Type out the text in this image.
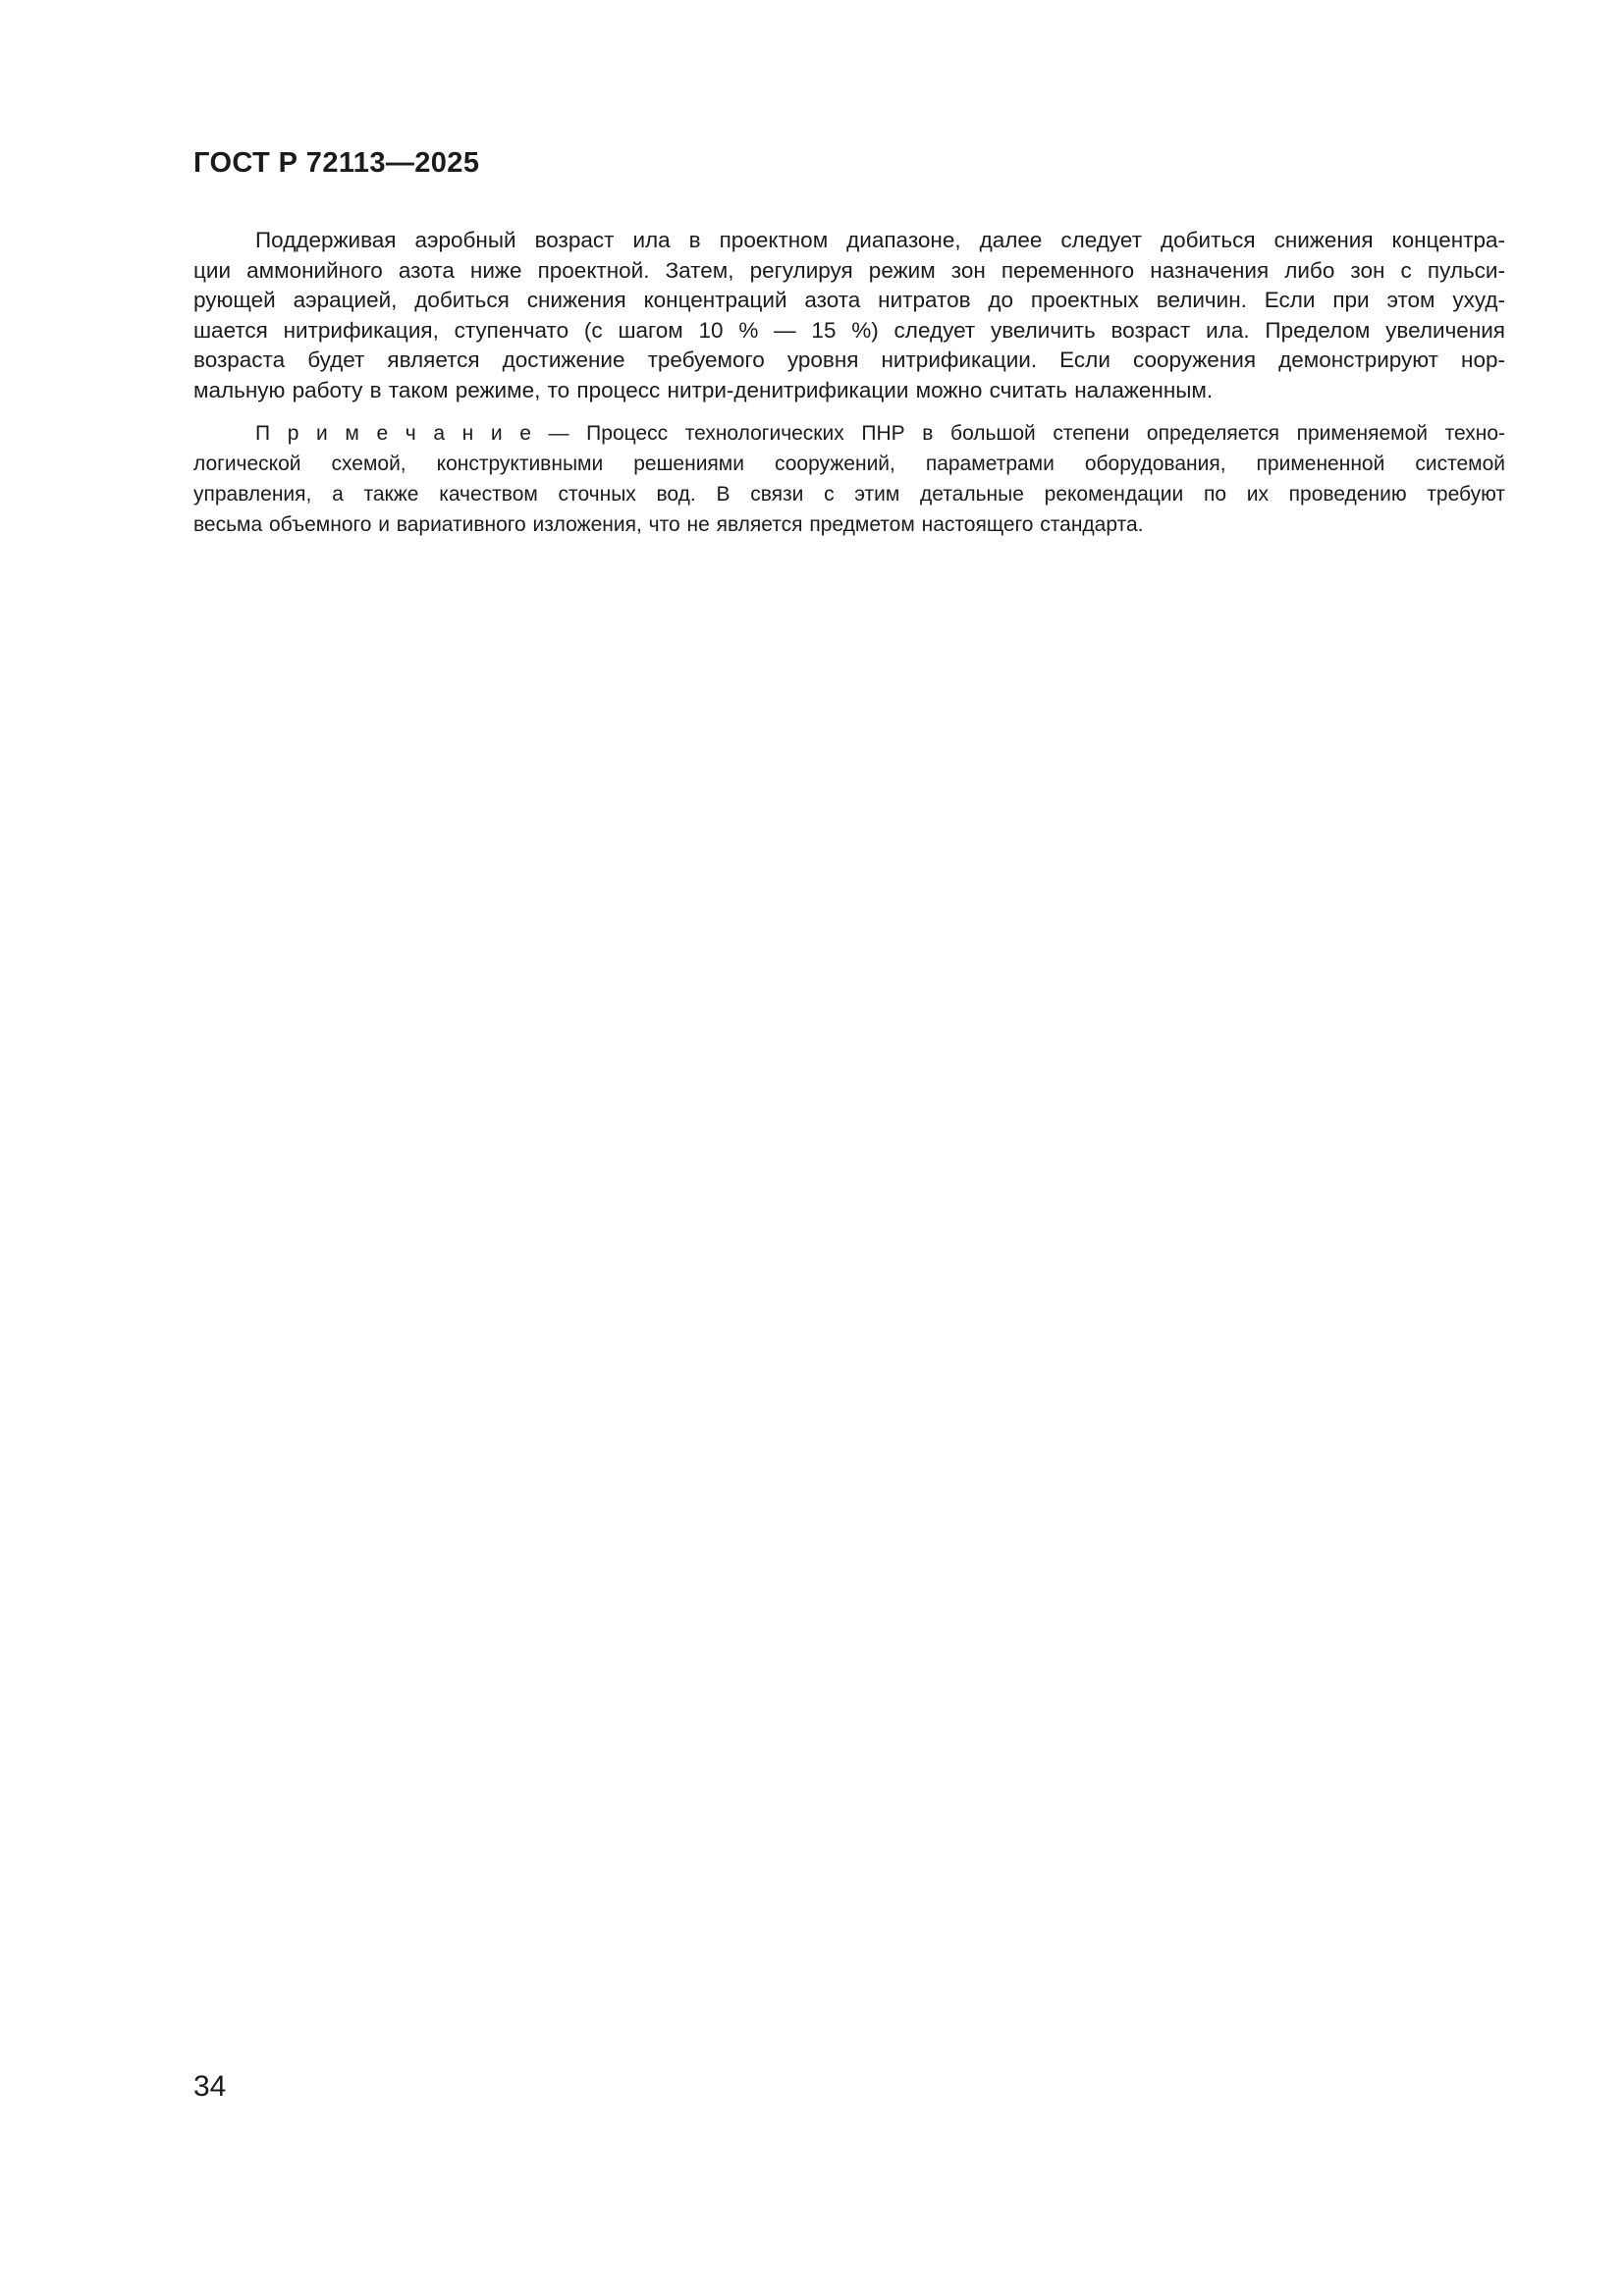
ГОСТ Р 72113—2025
Поддерживая аэробный возраст ила в проектном диапазоне, далее следует добиться снижения концентра-
ции аммонийного азота ниже проектной. Затем, регулируя режим зон переменного назначения либо зон с пульси-
рующей аэрацией, добиться снижения концентраций азота нитратов до проектных величин. Если при этом ухуд-
шается нитрификация, ступенчато (с шагом 10 % — 15 %) следует увеличить возраст ила. Пределом увеличения
возраста будет является достижение требуемого уровня нитрификации. Если сооружения демонстрируют нор-
мальную работу в таком режиме, то процесс нитри-денитрификации можно считать налаженным.
П р и м е ч а н и е — Процесс технологических ПНР в большой степени определяется применяемой техно-
логической схемой, конструктивными решениями сооружений, параметрами оборудования, примененной системой
управления, а также качеством сточных вод. В связи с этим детальные рекомендации по их проведению требуют
весьма объемного и вариативного изложения, что не является предметом настоящего стандарта.
34
